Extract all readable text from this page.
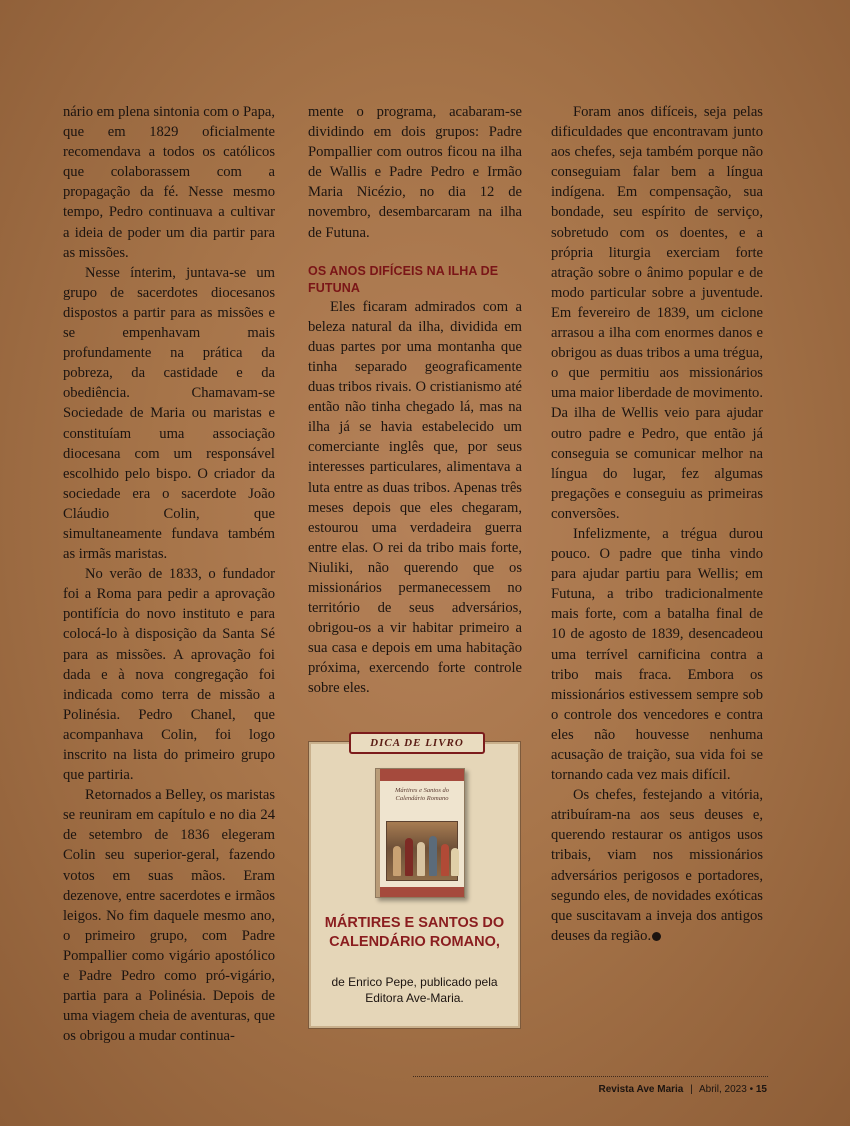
nário em plena sintonia com o Papa, que em 1829 oficialmente recomendava a todos os católicos que colaborassem com a propagação da fé. Nesse mesmo tempo, Pedro continuava a cultivar a ideia de poder um dia partir para as missões.

Nesse ínterim, juntava-se um grupo de sacerdotes diocesanos dispostos a partir para as missões e se empenhavam mais profundamente na prática da pobreza, da castidade e da obediência. Chamavam-se Sociedade de Maria ou maristas e constituíam uma associação diocesana com um responsável escolhido pelo bispo. O criador da sociedade era o sacerdote João Cláudio Colin, que simultaneamente fundava também as irmãs maristas.

No verão de 1833, o fundador foi a Roma para pedir a aprovação pontifícia do novo instituto e para colocá-lo à disposição da Santa Sé para as missões. A aprovação foi dada e à nova congregação foi indicada como terra de missão a Polinésia. Pedro Chanel, que acompanhava Colin, foi logo inscrito na lista do primeiro grupo que partiria.

Retornados a Belley, os maristas se reuniram em capítulo e no dia 24 de setembro de 1836 elegeram Colin seu superior-geral, fazendo votos em suas mãos. Eram dezenove, entre sacerdotes e irmãos leigos. No fim daquele mesmo ano, o primeiro grupo, com Padre Pompallier como vigário apostólico e Padre Pedro como pró-vigário, partia para a Polinésia. Depois de uma viagem cheia de aventuras, que os obrigou a mudar continua-

mente o programa, acabaram-se dividindo em dois grupos: Padre Pompallier com outros ficou na ilha de Wallis e Padre Pedro e Irmão Maria Nicézio, no dia 12 de novembro, desembarcaram na ilha de Futuna.

OS ANOS DIFÍCEIS NA ILHA DE FUTUNA

Eles ficaram admirados com a beleza natural da ilha, dividida em duas partes por uma montanha que tinha separado geograficamente duas tribos rivais. O cristianismo até então não tinha chegado lá, mas na ilha já se havia estabelecido um comerciante inglês que, por seus interesses particulares, alimentava a luta entre as duas tribos. Apenas três meses depois que eles chegaram, estourou uma verdadeira guerra entre elas. O rei da tribo mais forte, Niuliki, não querendo que os missionários permanecessem no território de seus adversários, obrigou-os a vir habitar primeiro a sua casa e depois em uma habitação próxima, exercendo forte controle sobre eles.

Foram anos difíceis, seja pelas dificuldades que encontravam junto aos chefes, seja também porque não conseguiam falar bem a língua indígena. Em compensação, sua bondade, seu espírito de serviço, sobretudo com os doentes, e a própria liturgia exerciam forte atração sobre o ânimo popular e de modo particular sobre a juventude. Em fevereiro de 1839, um ciclone arrasou a ilha com enormes danos e obrigou as duas tribos a uma trégua, o que permitiu aos missionários uma maior liberdade de movimento. Da ilha de Wellis veio para ajudar outro padre e Pedro, que então já conseguia se comunicar melhor na língua do lugar, fez algumas pregações e conseguiu as primeiras conversões.

Infelizmente, a trégua durou pouco. O padre que tinha vindo para ajudar partiu para Wellis; em Futuna, a tribo tradicionalmente mais forte, com a batalha final de 10 de agosto de 1839, desencadeou uma terrível carnificina contra a tribo mais fraca. Embora os missionários estivessem sempre sob o controle dos vencedores e contra eles não houvesse nenhuma acusação de traição, sua vida foi se tornando cada vez mais difícil.

Os chefes, festejando a vitória, atribuíram-na aos seus deuses e, querendo restaurar os antigos usos tribais, viam nos missionários adversários perigosos e portadores, segundo eles, de novidades exóticas que suscitavam a inveja dos antigos deuses da região.

DICA DE LIVRO
Mártires e Santos do Calendário Romano
MÁRTIRES E SANTOS DO CALENDÁRIO ROMANO,
de Enrico Pepe, publicado pela Editora Ave-Maria.
Revista Ave Maria | Abril, 2023 • 15
